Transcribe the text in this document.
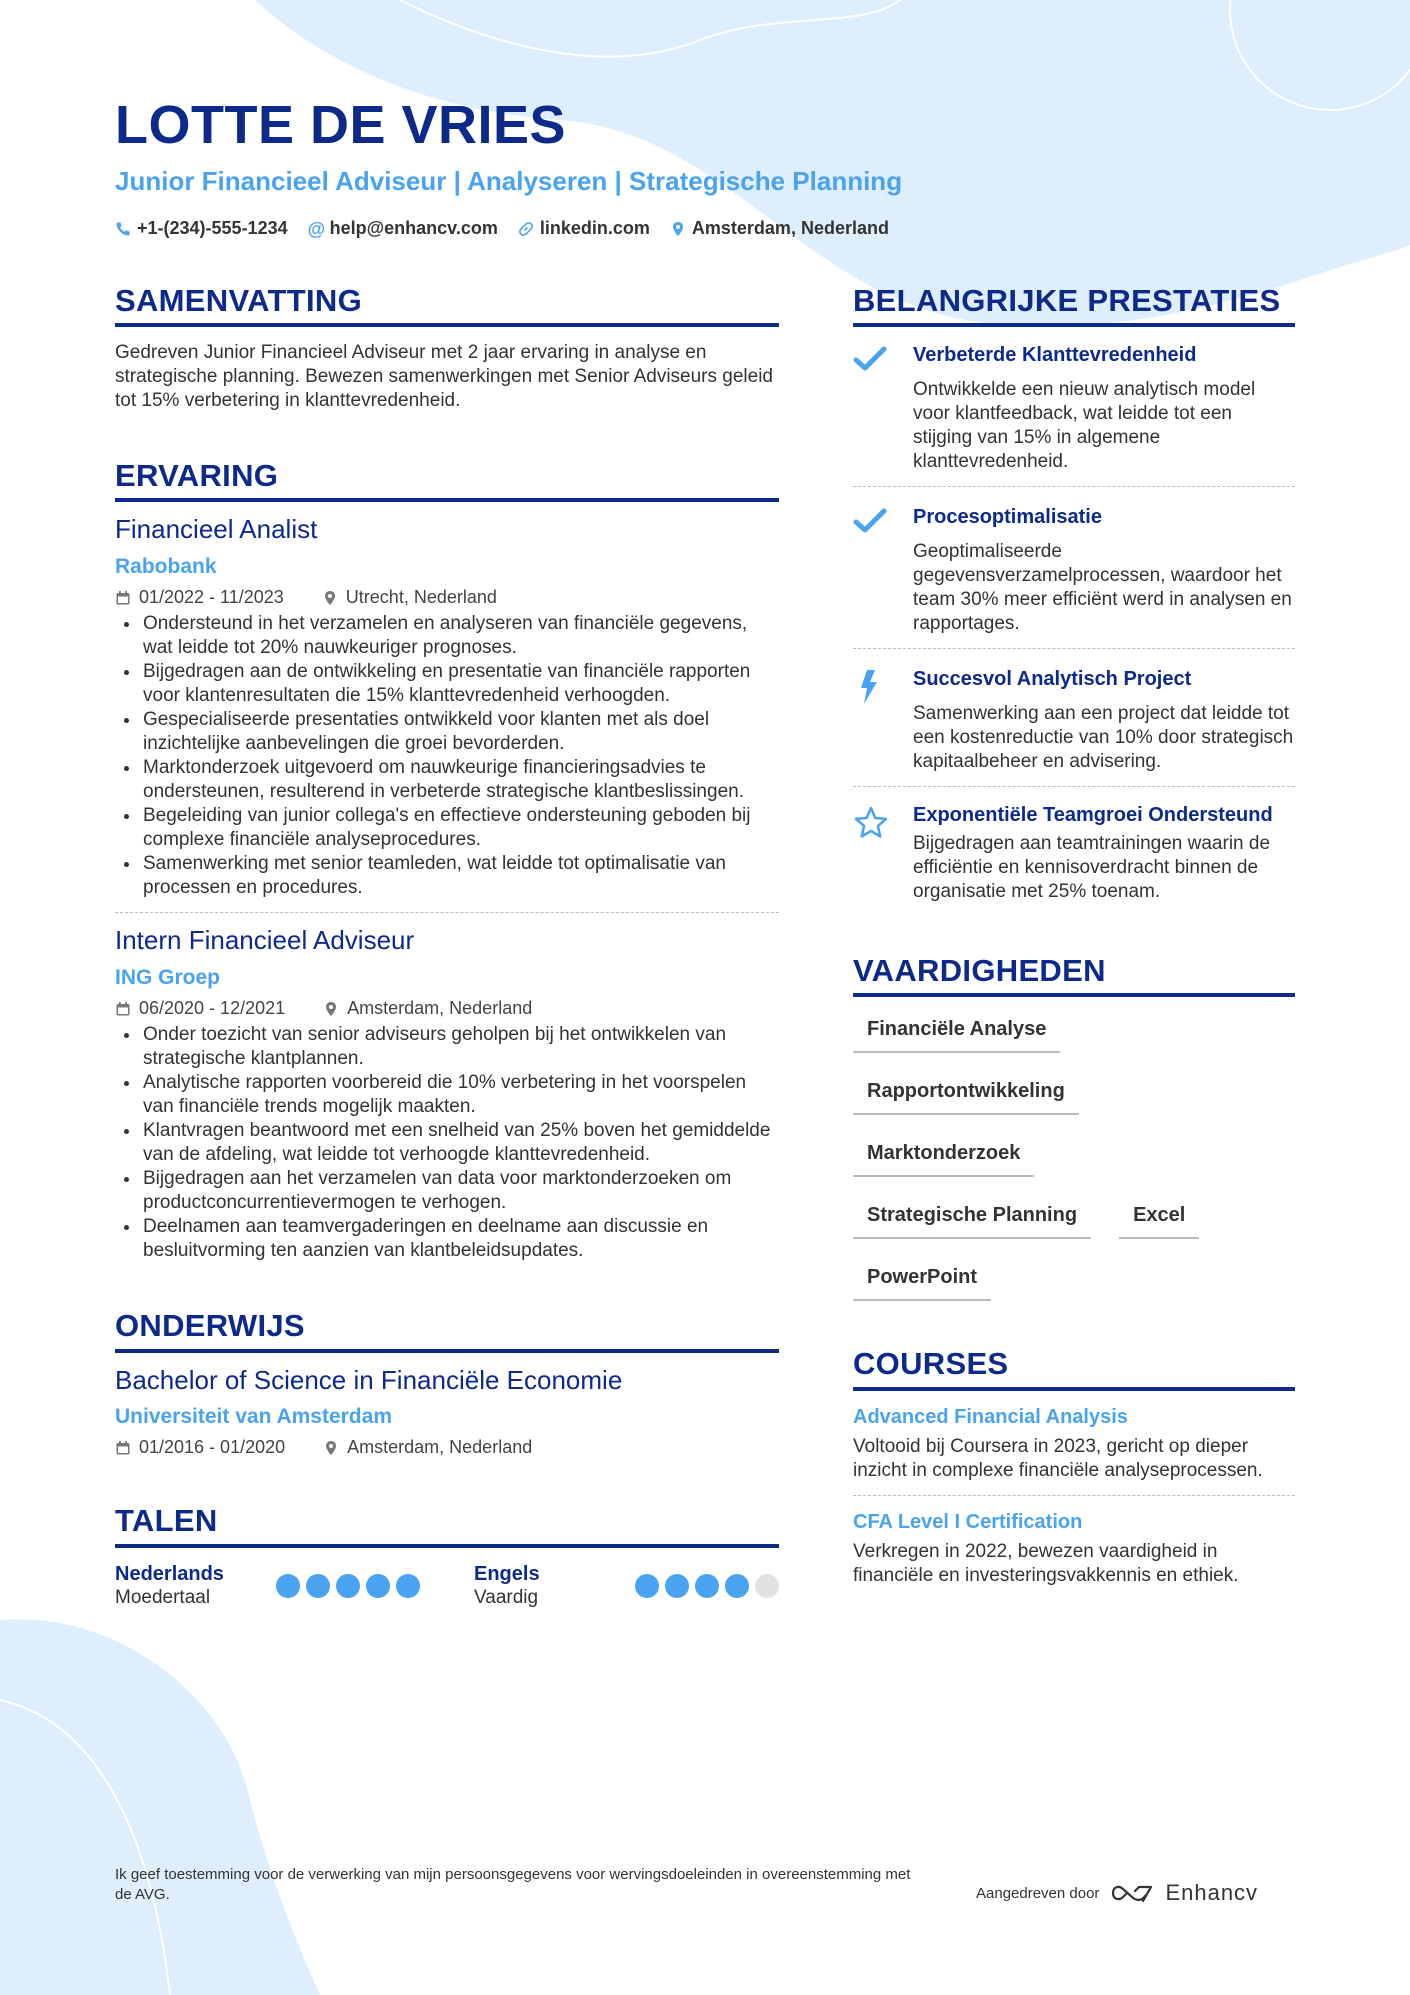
LOTTE DE VRIES
Junior Financieel Adviseur | Analyseren | Strategische Planning
+1-(234)-555-1234 @ help@enhancv.com linkedin.com Amsterdam, Nederland
SAMENVATTING
Gedreven Junior Financieel Adviseur met 2 jaar ervaring in analyse en strategische planning. Bewezen samenwerkingen met Senior Adviseurs geleid tot 15% verbetering in klanttevredenheid.
ERVARING
Financieel Analist
Rabobank
01/2022 - 11/2023	Utrecht, Nederland
Ondersteund in het verzamelen en analyseren van financiële gegevens, wat leidde tot 20% nauwkeuriger prognoses.
Bijgedragen aan de ontwikkeling en presentatie van financiële rapporten voor klantenresultaten die 15% klanttevredenheid verhoogden.
Gespecialiseerde presentaties ontwikkeld voor klanten met als doel inzichtelijke aanbevelingen die groei bevorderden.
Marktonderzoek uitgevoerd om nauwkeurige financieringsadvies te ondersteunen, resulterend in verbeterde strategische klantbeslissingen.
Begeleiding van junior collega's en effectieve ondersteuning geboden bij complexe financiële analyseprocedures.
Samenwerking met senior teamleden, wat leidde tot optimalisatie van processen en procedures.
Intern Financieel Adviseur
ING Groep
06/2020 - 12/2021	Amsterdam, Nederland
Onder toezicht van senior adviseurs geholpen bij het ontwikkelen van strategische klantplannen.
Analytische rapporten voorbereid die 10% verbetering in het voorspelen van financiële trends mogelijk maakten.
Klantvragen beantwoord met een snelheid van 25% boven het gemiddelde van de afdeling, wat leidde tot verhoogde klanttevredenheid.
Bijgedragen aan het verzamelen van data voor marktonderzoeken om productconcurrentievermogen te verhogen.
Deelnamen aan teamvergaderingen en deelname aan discussie en besluitvorming ten aanzien van klantbeleidsupdates.
ONDERWIJS
Bachelor of Science in Financiële Economie
Universiteit van Amsterdam
01/2016 - 01/2020	Amsterdam, Nederland
TALEN
Nederlands
Moedertaal
Engels
Vaardig
BELANGRIJKE PRESTATIES
Verbeterde Klanttevredenheid
Ontwikkelde een nieuw analytisch model voor klantfeedback, wat leidde tot een stijging van 15% in algemene klanttevredenheid.
Procesoptimalisatie
Geoptimaliseerde gegevensverzamelprocessen, waardoor het team 30% meer efficiënt werd in analysen en rapportages.
Succesvol Analytisch Project
Samenwerking aan een project dat leidde tot een kostenreductie van 10% door strategisch kapitaalbeheer en advisering.
Exponentiële Teamgroei Ondersteund
Bijgedragen aan teamtrainingen waarin de efficiëntie en kennisoverdracht binnen de organisatie met 25% toenam.
VAARDIGHEDEN
Financiële Analyse
Rapportontwikkeling
Marktonderzoek
Strategische Planning	Excel
PowerPoint
COURSES
Advanced Financial Analysis
Voltooid bij Coursera in 2023, gericht op dieper inzicht in complexe financiële analyseprocessen.
CFA Level I Certification
Verkregen in 2022, bewezen vaardigheid in financiële en investeringsvakkennis en ethiek.
Ik geef toestemming voor de verwerking van mijn persoonsgegevens voor wervingsdoeleinden in overeenstemming met de AVG.	Aangedreven door	Enhancv
